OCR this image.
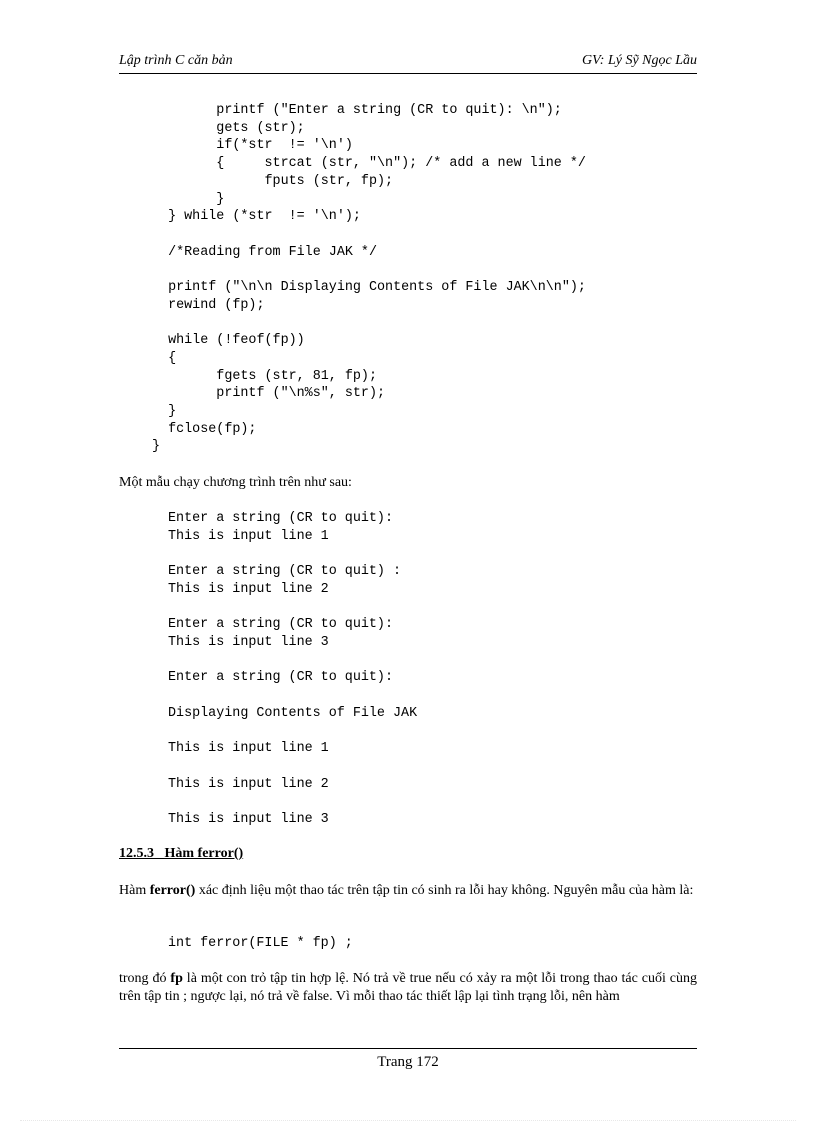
Lập trình C căn bản	GV: Lý Sỹ Ngọc Lầu
printf ("Enter a string (CR to quit): \n");
gets (str);
if(*str  != '\n')
{     strcat (str, "\n"); /* add a new line */
fputs (str, fp);
}
} while (*str  != '\n');

/*Reading from File JAK */

printf ("\n\n Displaying Contents of File JAK\n\n");
rewind (fp);

while (!feof(fp))
{
fgets (str, 81, fp);
printf ("\n%s", str);
}
fclose(fp);
}
Một mẫu chạy chương trình trên như sau:
Enter a string (CR to quit):
This is input line 1

Enter a string (CR to quit) :
This is input line 2

Enter a string (CR to quit):
This is input line 3

Enter a string (CR to quit):

Displaying Contents of File JAK

This is input line 1

This is input line 2

This is input line 3
12.5.3 Hàm ferror()
Hàm ferror() xác định liệu một thao tác trên tập tin có sinh ra lỗi hay không. Nguyên mẫu của hàm là:
int ferror(FILE * fp) ;
trong đó fp là một con trỏ tập tin hợp lệ. Nó trả về true nếu có xảy ra một lỗi trong thao tác cuối cùng trên tập tin ; ngược lại, nó trả về false. Vì mỗi thao tác thiết lập lại tình trạng lỗi, nên hàm
Trang 172
